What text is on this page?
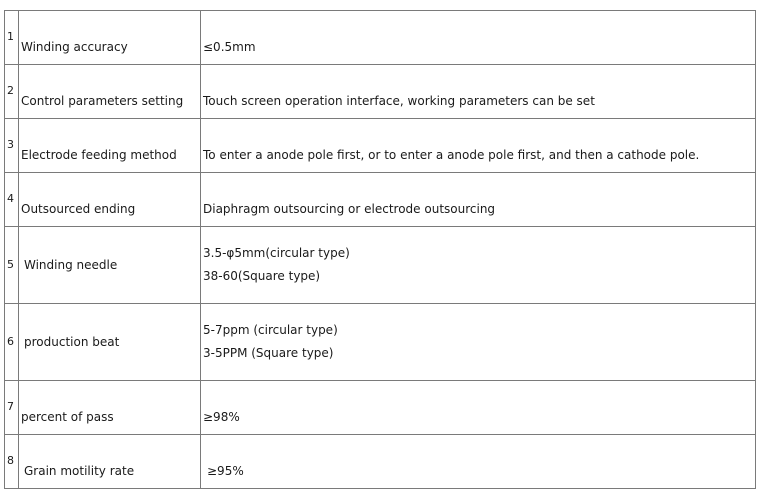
1	Winding accuracy	≤0.5mm

2	Control parameters setting	Touch screen operation interface, working parameters can be set

3	Electrode feeding method	To enter a anode pole first, or to enter a anode pole first, and then a cathode pole.

4	Outsourced ending	Diaphragm outsourcing or electrode outsourcing

5	Winding needle	3.5-φ5mm(circular type)
38-60(Square type)

6	production beat	5-7ppm (circular type)
3-5PPM (Square type)

7	percent of pass	≥98%

8	Grain motility rate	≥95%
